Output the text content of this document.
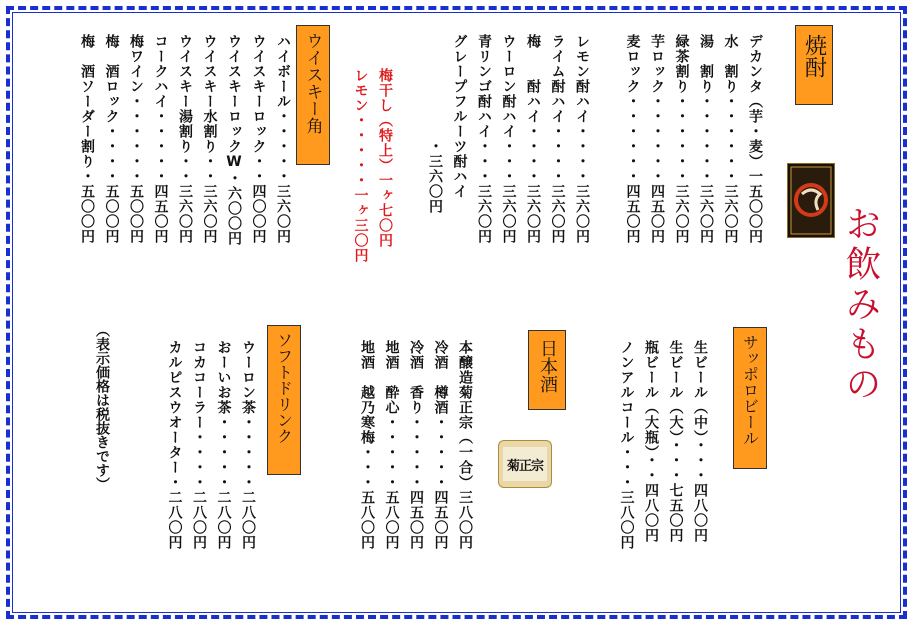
お飲みもの
焼酎
デカンタ（芋・麦）一五〇〇円
水　割り・・・・・・三六〇円
湯　割り・・・・・・三六〇円
緑茶割り・・・・・・三六〇円
芋ロック・・・・・・四五〇円
麦ロック・・・・・・四五〇円
レモン酎ハイ・・・・三六〇円
ライム酎ハイ・・・・三六〇円
梅　　酎ハイ・・・・三六〇円
ウーロン酎ハイ・・・三六〇円
青リンゴ酎ハイ・・・三六〇円
グレープフルーツ酎ハイ
　　　　　　　・三六〇円
梅干し（特上）一ヶ七〇円
レモン・・・・・一ヶ三〇円
ウイスキー角
ハイボール・・・・・三六〇円
ウイスキーロック・・四〇〇円
ウイスキーロックW・六〇〇円
ウイスキー水割り・・三六〇円
ウイスキー湯割り・・三六〇円
コークハイ・・・・・四五〇円
梅ワイン・・・・・・五〇〇円
梅　酒ロック・・・・五〇〇円
梅　酒ソーダー割り・五〇〇円
サッポロビール
生ビール（中）・・・四八〇円
生ビール（大）・・・七五〇円
瓶ビール（大瓶）・・四八〇円
ノンアルコール・・・三八〇円
日本酒
菊正宗
本醸造菊正宗（一合）三八〇円
冷酒　樽酒・・・・・四五〇円
冷酒　香り・・・・・四五〇円
地酒　酔心・・・・・五八〇円
地酒　越乃寒梅・・・五八〇円
ソフトドリンク
ウーロン茶・・・・・二八〇円
おーいお茶・・・・・二八〇円
コカコーラー・・・・二八〇円
カルピスウオーター・二八〇円
（表示価格は税抜きです）
